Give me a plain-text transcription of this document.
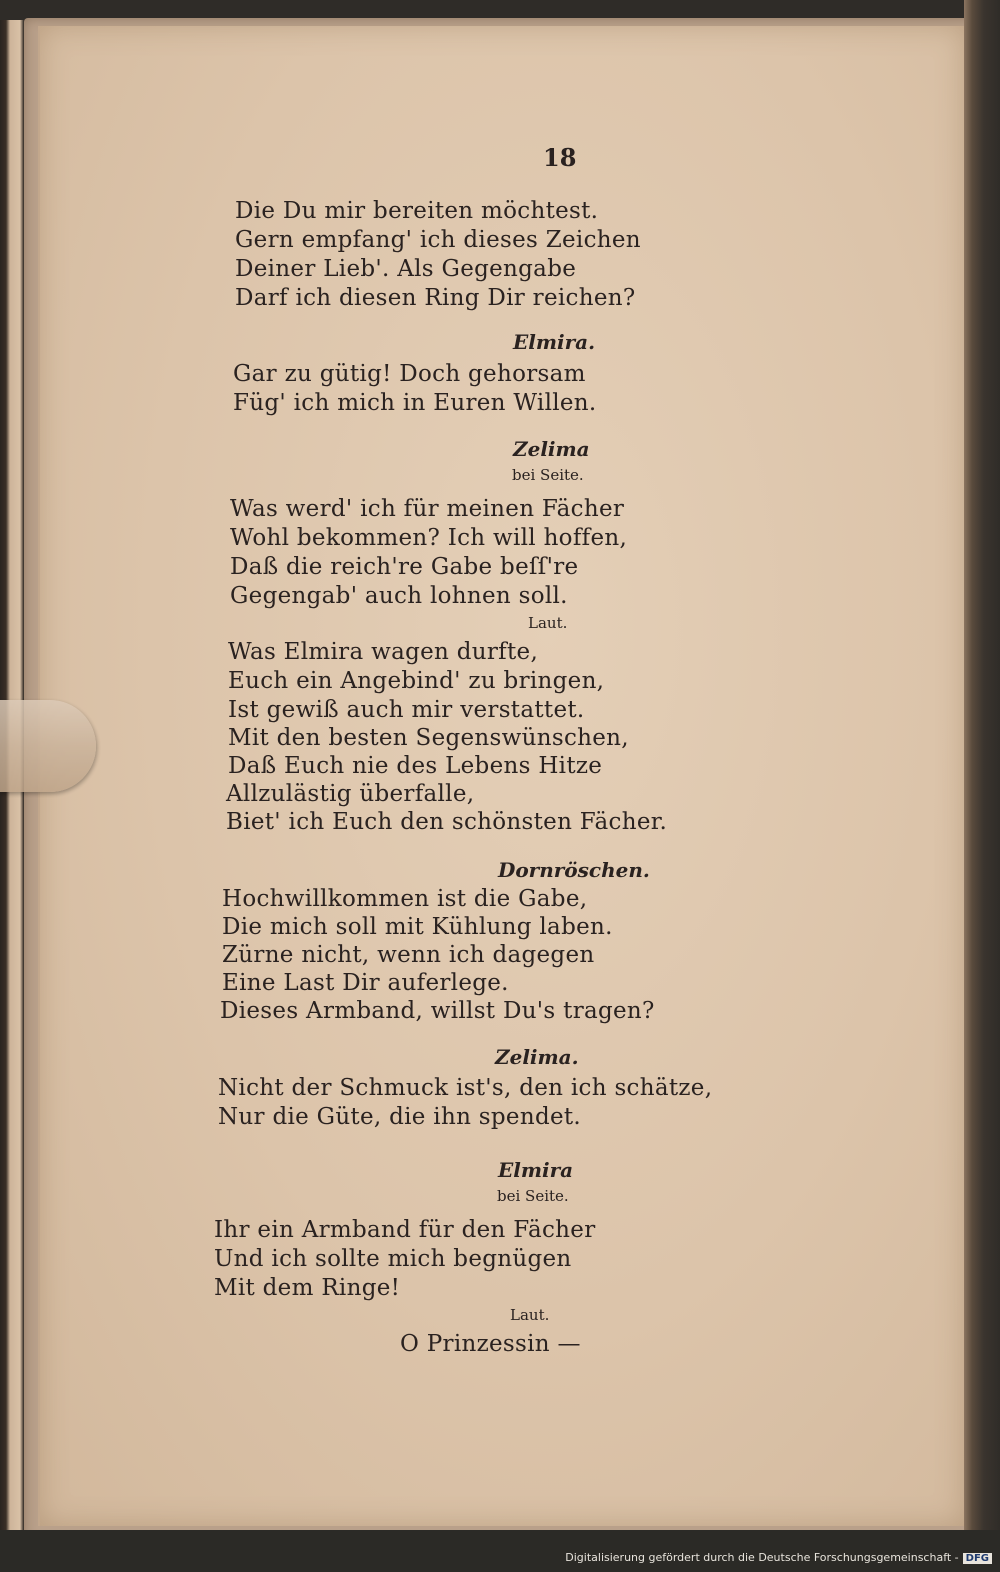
18
Die Du mir bereiten möchtest.
Gern empfang' ich dieses Zeichen
Deiner Lieb'. Als Gegengabe
Darf ich diesen Ring Dir reichen?
Elmira.
Gar zu gütig! Doch gehorsam
Füg' ich mich in Euren Willen.
Zelima
bei Seite.
Was werd' ich für meinen Fächer
Wohl bekommen? Ich will hoffen,
Daß die reich're Gabe beſſ're
Gegengab' auch lohnen soll.
Laut.
Was Elmira wagen durfte,
Euch ein Angebind' zu bringen,
Ist gewiß auch mir verstattet.
Mit den besten Segenswünschen,
Daß Euch nie des Lebens Hitze
Allzulästig überfalle,
Biet' ich Euch den schönsten Fächer.
Dornröschen.
Hochwillkommen ist die Gabe,
Die mich soll mit Kühlung laben.
Zürne nicht, wenn ich dagegen
Eine Last Dir auferlege.
Dieses Armband, willst Du's tragen?
Zelima.
Nicht der Schmuck ist's, den ich schätze,
Nur die Güte, die ihn spendet.
Elmira
bei Seite.
Ihr ein Armband für den Fächer
Und ich sollte mich begnügen
Mit dem Ringe!
Laut.
O Prinzessin —
Digitalisierung gefördert durch die Deutsche Forschungsgemeinschaft - DFG
